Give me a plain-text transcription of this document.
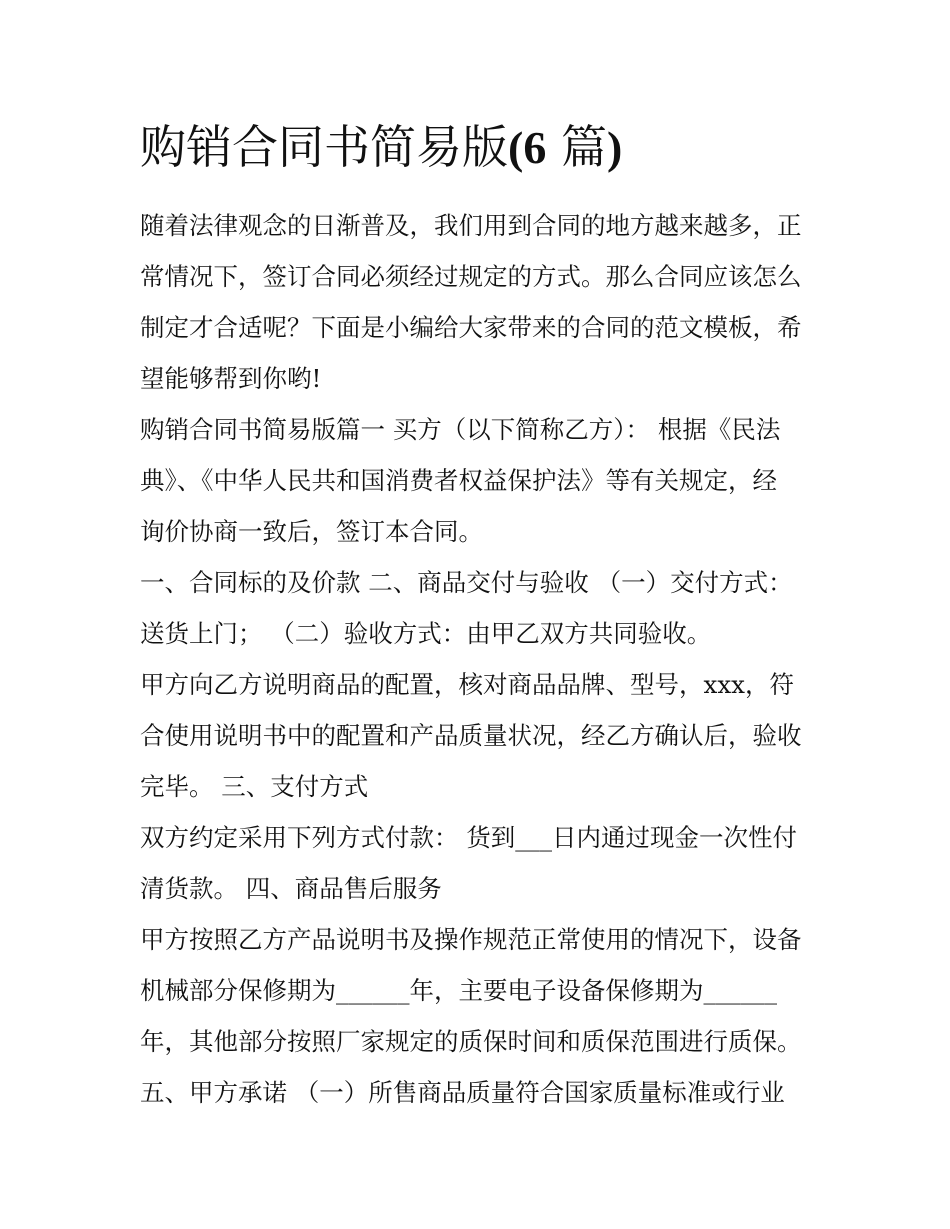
购销合同书简易版(6 篇)

随着法律观念的日渐普及，我们用到合同的地方越来越多，正

常情况下，签订合同必须经过规定的方式。那么合同应该怎么

制定才合适呢？下面是小编给大家带来的合同的范文模板，希

望能够帮到你哟!

购销合同书简易版篇一 买方（以下简称乙方）： 根据《民法

典》、《中华人民共和国消费者权益保护法》等有关规定，经

询价协商一致后，签订本合同。

一、合同标的及价款 二、商品交付与验收 （一）交付方式：

送货上门； （二）验收方式：由甲乙双方共同验收。

甲方向乙方说明商品的配置，核对商品品牌、型号，xxx，符

合使用说明书中的配置和产品质量状况，经乙方确认后，验收

完毕。 三、支付方式

双方约定采用下列方式付款： 货到___日内通过现金一次性付

清货款。 四、商品售后服务

甲方按照乙方产品说明书及操作规范正常使用的情况下，设备

机械部分保修期为______年，主要电子设备保修期为______

年，其他部分按照厂家规定的质保时间和质保范围进行质保。

五、甲方承诺 （一）所售商品质量符合国家质量标准或行业
